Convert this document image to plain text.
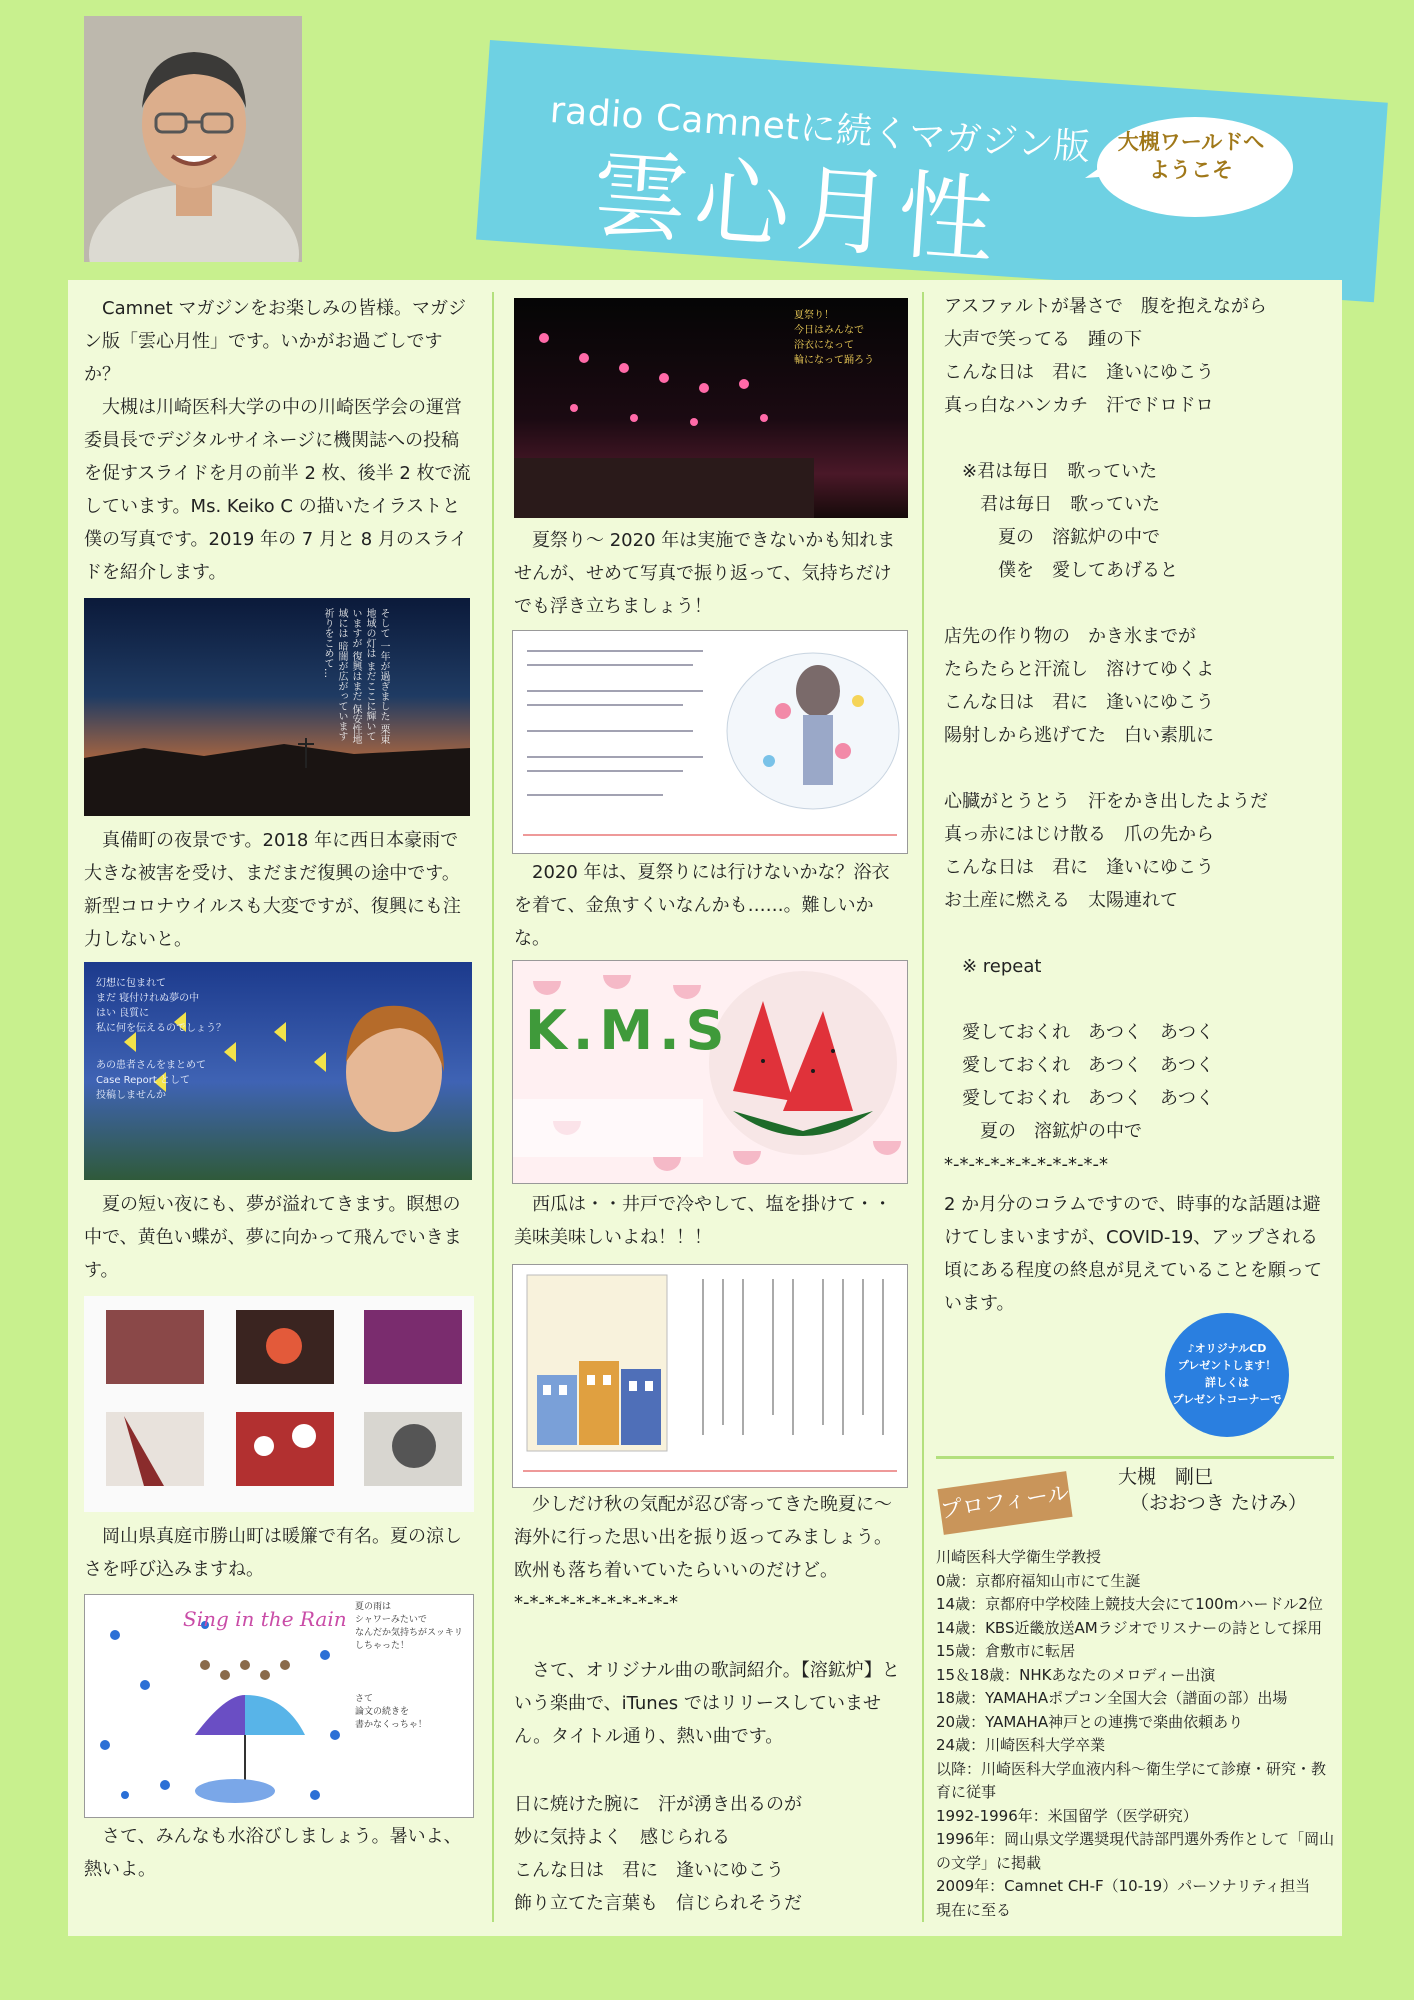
radio Camnetに続くマガジン版
雲心月性	大槻ワールドへ
ようこそ

Camnet マガジンをお楽しみの皆様。マガジン版「雲心月性」です。いかがお過ごしですか？

大槻は川崎医科大学の中の川崎医学会の運営委員長でデジタルサイネージに機関誌への投稿を促すスライドを月の前半 2 枚、後半 2 枚で流しています。Ms. Keiko C の描いたイラストと僕の写真です。2019 年の 7 月と 8 月のスライドを紹介します。

そして 一年が過ぎました 栗東地域の灯は まだここに輝いていますが 復興はまだ 保安性地域には 暗闇が広がっています 祈りをこめて…

真備町の夜景です。2018 年に西日本豪雨で大きな被害を受け、まだまだ復興の途中です。新型コロナウイルスも大変ですが、復興にも注力しないと。

幻想に包まれて
まだ 寝付けれぬ夢の中
はい 良質に
私に何を伝えるのでしょう？
あの患者さんをまとめて
Case Report として
投稿しませんか

夏の短い夜にも、夢が溢れてきます。瞑想の中で、黄色い蝶が、夢に向かって飛んでいきます。

岡山県真庭市勝山町は暖簾で有名。夏の涼しさを呼び込みますね。

Sing in the Rain 夏の雨は
シャワーみたいで
なんだか気持ちがスッキリしちゃった！
さて
論文の続きを
書かなくっちゃ！

さて、みんなも水浴びしましょう。暑いよ、熱いよ。

夏祭り！
今日はみんなで
浴衣になって
輪になって踊ろう

夏祭り～ 2020 年は実施できないかも知れませんが、せめて写真で振り返って、気持ちだけでも浮き立ちましょう！

2020 年は、夏祭りには行けないかな？浴衣を着て、金魚すくいなんかも……。難しいかな。

K.M.S

西瓜は・・井戸で冷やして、塩を掛けて・・美味美味しいよね！！！

少しだけ秋の気配が忍び寄ってきた晩夏に～海外に行った思い出を振り返ってみましょう。欧州も落ち着いていたらいいのだけど。

*-*-*-*-*-*-*-*-*-*-*

さて、オリジナル曲の歌詞紹介。【溶鉱炉】という楽曲で、iTunes ではリリースしていません。タイトル通り、熱い曲です。

日に焼けた腕に　汗が湧き出るのが
妙に気持よく　感じられる
こんな日は　君に　逢いにゆこう
飾り立てた言葉も　信じられそうだ
アスファルトが暑さで　腹を抱えながら
大声で笑ってる　踵の下
こんな日は　君に　逢いにゆこう
真っ白なハンカチ　汗でドロドロ

　※君は毎日　歌っていた
　　君は毎日　歌っていた
　　　夏の　溶鉱炉の中で
　　　僕を　愛してあげると

店先の作り物の　かき氷までが
たらたらと汗流し　溶けてゆくよ
こんな日は　君に　逢いにゆこう
陽射しから逃げてた　白い素肌に

心臓がとうとう　汗をかき出したようだ
真っ赤にはじけ散る　爪の先から
こんな日は　君に　逢いにゆこう
お土産に燃える　太陽連れて

　※ repeat

　愛しておくれ　あつく　あつく
　愛しておくれ　あつく　あつく
　愛しておくれ　あつく　あつく
　　夏の　溶鉱炉の中で
*-*-*-*-*-*-*-*-*-*-*
2 か月分のコラムですので、時事的な話題は避けてしまいますが、COVID-19、アップされる頃にある程度の終息が見えていることを願っています。
♪オリジナルCD
プレゼントします！
詳しくは
プレゼントコーナーで
プロフィール
大槻　剛巳
（おおつき たけみ）
川崎医科大学衛生学教授
0歳：京都府福知山市にて生誕
14歳：京都府中学校陸上競技大会にて100mハードル2位
14歳：KBS近畿放送AMラジオでリスナーの詩として採用
15歳：倉敷市に転居
15＆18歳：NHKあなたのメロディー出演
18歳：YAMAHAポプコン全国大会（譜面の部）出場
20歳：YAMAHA神戸との連携で楽曲依頼あり
24歳：川崎医科大学卒業
以降：川崎医科大学血液内科～衛生学にて診療・研究・教育に従事
1992-1996年：米国留学（医学研究）
1996年：岡山県文学選奨現代詩部門選外秀作として「岡山の文学」に掲載
2009年：Camnet CH-F（10-19）パーソナリティ担当
現在に至る
